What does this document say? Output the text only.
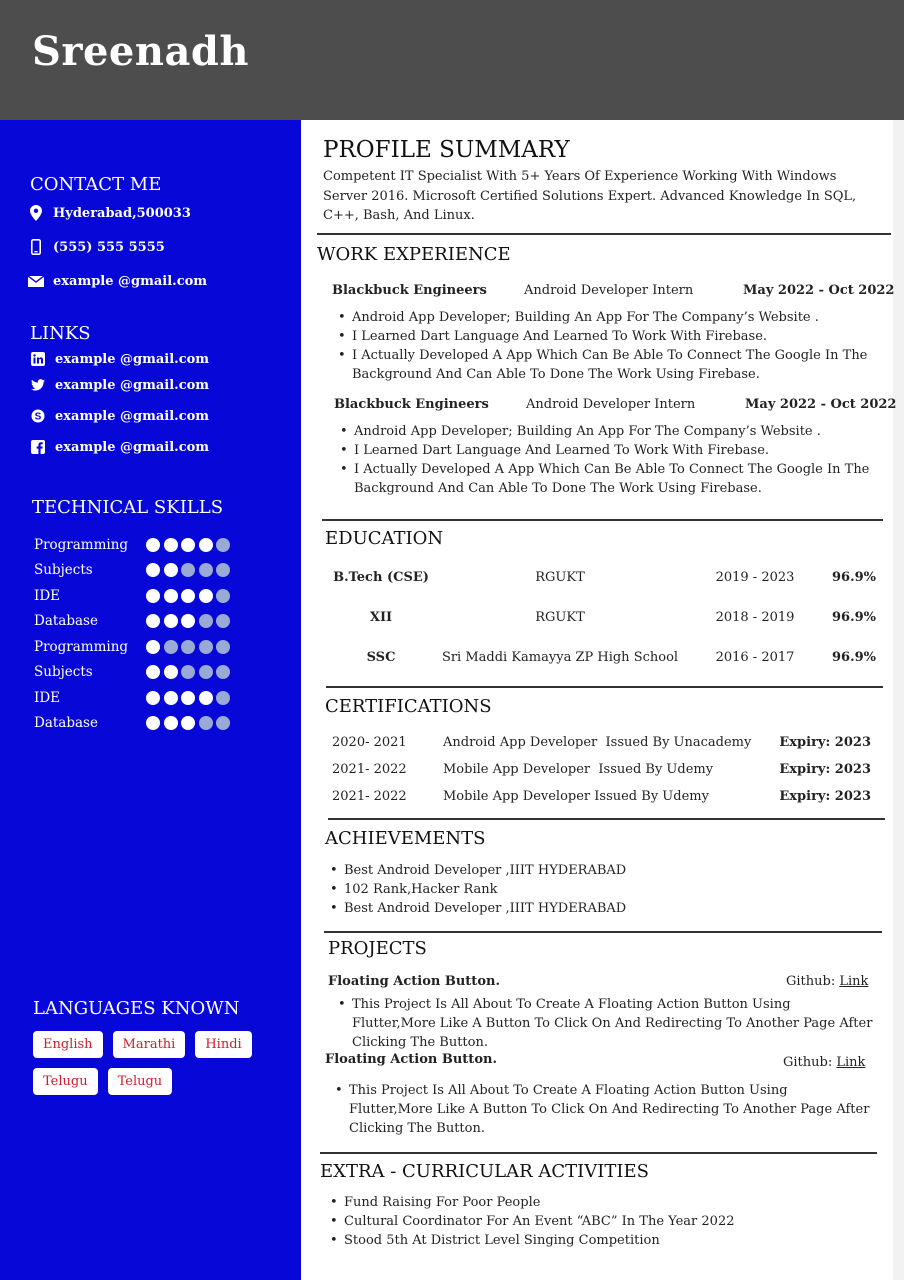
Sreenadh
CONTACT ME
Hyderabad,500033
(555) 555 5555
example @gmail.com
LINKS
example @gmail.com
example @gmail.com
S example @gmail.com
example @gmail.com
TECHNICAL SKILLS
Programming
Subjects
IDE
Database
Programming
Subjects
IDE
Database
LANGUAGES KNOWN
English	Marathi	Hindi
Telugu	Telugu
PROFILE SUMMARY
Competent IT Specialist With 5+ Years Of Experience Working With Windows Server 2016. Microsoft Certified Solutions Expert. Advanced Knowledge In SQL, C++, Bash, And Linux.
WORK EXPERIENCE
Blackbuck Engineers	Android Developer Intern	May 2022 - Oct 2022
• Android App Developer; Building An App For The Company’s Website .
• I Learned Dart Language And Learned To Work With Firebase.
• I Actually Developed A App Which Can Be Able To Connect The Google In The Background And Can Able To Done The Work Using Firebase.
Blackbuck Engineers	Android Developer Intern	May 2022 - Oct 2022
• Android App Developer; Building An App For The Company’s Website .
• I Learned Dart Language And Learned To Work With Firebase.
• I Actually Developed A App Which Can Be Able To Connect The Google In The Background And Can Able To Done The Work Using Firebase.
EDUCATION
B.Tech (CSE)	RGUKT	2019 - 2023	96.9%
XII	RGUKT	2018 - 2019	96.9%
SSC	Sri Maddi Kamayya ZP High School	2016 - 2017	96.9%
CERTIFICATIONS
2020- 2021	Android App Developer  Issued By Unacademy	Expiry: 2023
2021- 2022	Mobile App Developer  Issued By Udemy	Expiry: 2023
2021- 2022	Mobile App Developer Issued By Udemy	Expiry: 2023
ACHIEVEMENTS
• Best Android Developer ,IIIT HYDERABAD
• 102 Rank,Hacker Rank
• Best Android Developer ,IIIT HYDERABAD
PROJECTS
Floating Action Button.	Github: Link
• This Project Is All About To Create A Floating Action Button Using Flutter,More Like A Button To Click On And Redirecting To Another Page After Clicking The Button.
Floating Action Button.	Github: Link
• This Project Is All About To Create A Floating Action Button Using Flutter,More Like A Button To Click On And Redirecting To Another Page After Clicking The Button.
EXTRA - CURRICULAR ACTIVITIES
• Fund Raising For Poor People
• Cultural Coordinator For An Event “ABC” In The Year 2022
• Stood 5th At District Level Singing Competition
